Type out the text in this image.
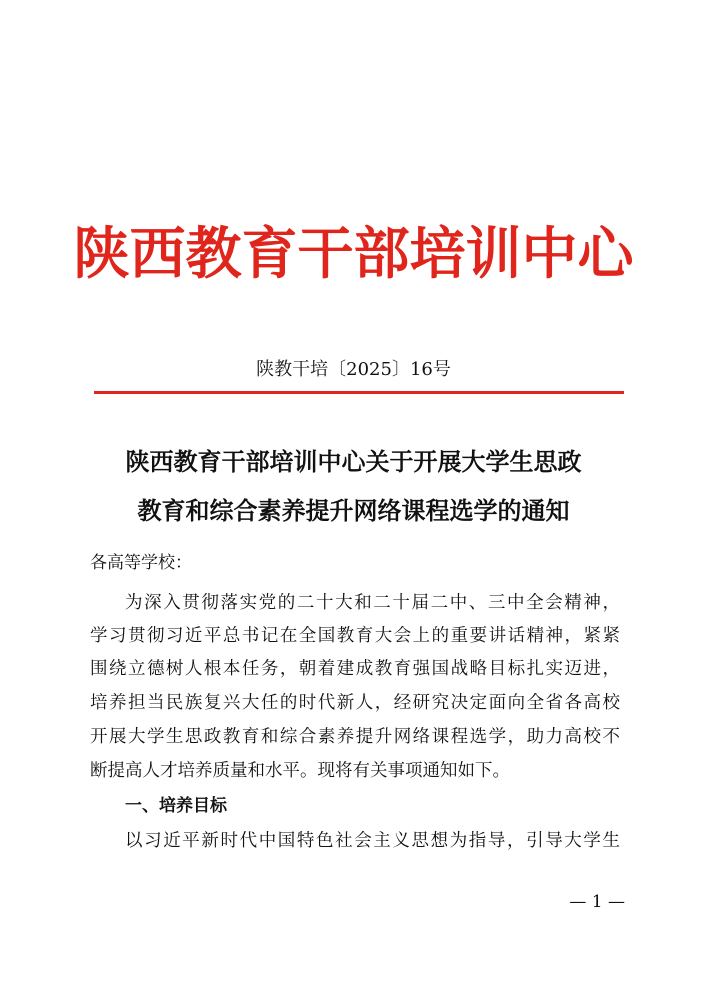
陕西教育干部培训中心
陕教干培〔2025〕16号
陕西教育干部培训中心关于开展大学生思政
教育和综合素养提升网络课程选学的通知
各高等学校：
为深入贯彻落实党的二十大和二十届二中、三中全会精神，
学习贯彻习近平总书记在全国教育大会上的重要讲话精神，紧紧
围绕立德树人根本任务，朝着建成教育强国战略目标扎实迈进，
培养担当民族复兴大任的时代新人，经研究决定面向全省各高校
开展大学生思政教育和综合素养提升网络课程选学，助力高校不
断提高人才培养质量和水平。现将有关事项通知如下。
一、培养目标
以习近平新时代中国特色社会主义思想为指导，引导大学生
— 1 —
